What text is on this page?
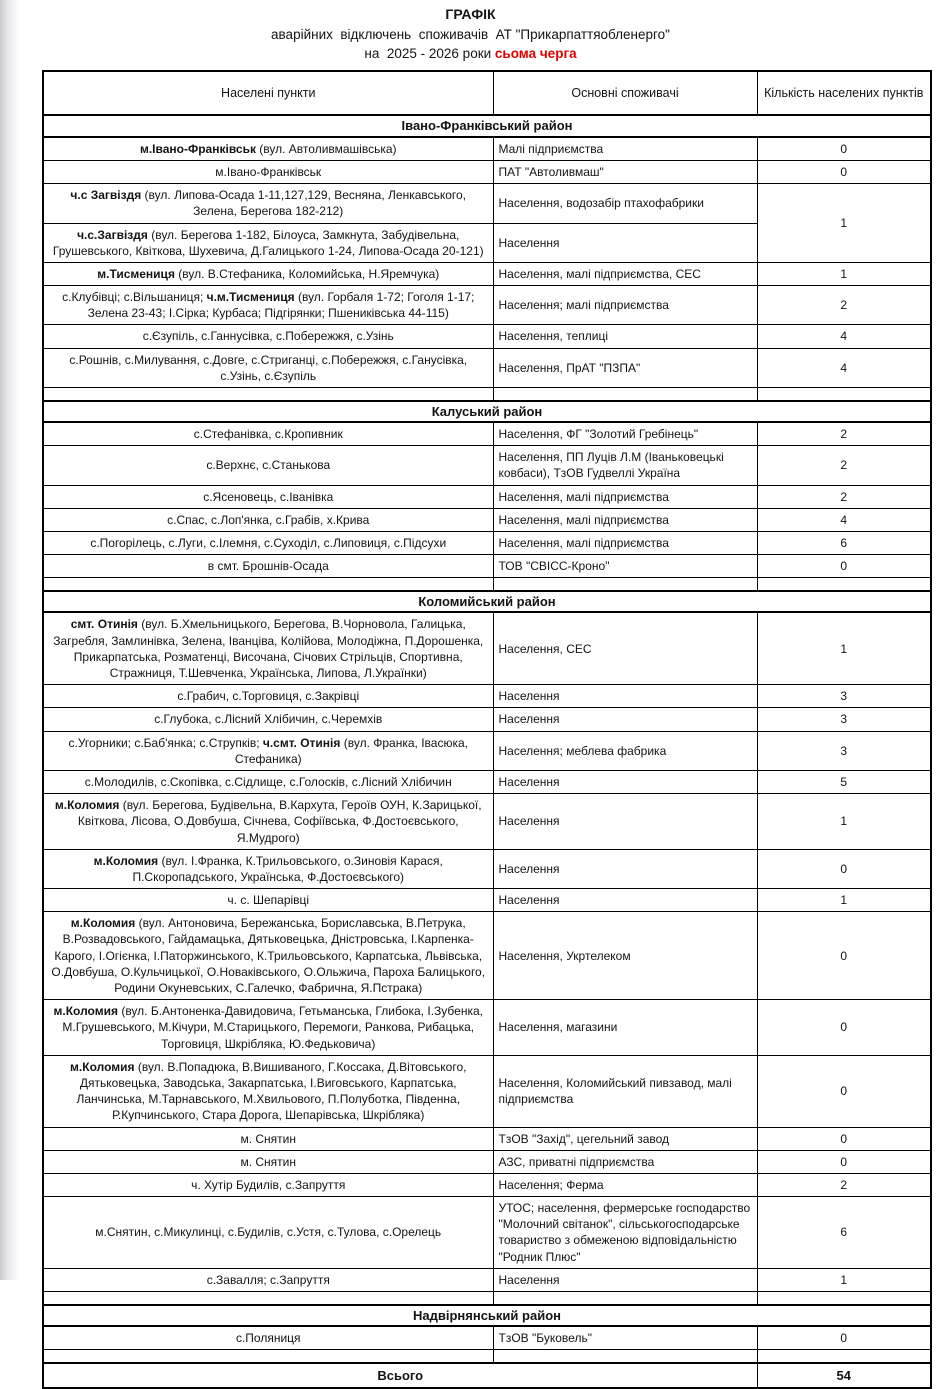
ГРАФІК
аварійних  відключень  споживачів  АТ "Прикарпаттяобленерго"
на  2025 - 2026 роки сьома черга
Населені пункти	Основні споживачі	Кількість населених пунктів
Івано-Франківський район		
м.Івано-Франківськ (вул. Автоливмашівська)	Малі підприємства	0
м.Івано-Франківськ	ПАТ "Автоливмаш"	0
ч.с Загвіздя (вул. Липова-Осада 1-11,127,129, Весняна, Ленкавського, Зелена, Берегова 182-212)	Населення, водозабір птахофабрики	1
ч.с.Загвіздя (вул. Берегова 1-182, Білоуса, Замкнута, Забудівельна, Грушевського, Квіткова, Шухевича, Д.Галицького 1-24, Липова-Осада 20-121)	Населення	
м.Тисмениця (вул. В.Стефаника, Коломийська, Н.Яремчука)	Населення, малі підприємства, СЕС	1
с.Клубівці; с.Вільшаниця; ч.м.Тисмениця (вул. Горбаля 1-72; Гоголя 1-17; Зелена 23-43; І.Сірка; Курбаса; Підгірянки; Пшениківська 44-115)	Населення; малі підприємства	2
с.Єзупіль, с.Ганнусівка, с.Побережжя, с.Узінь	Населення, теплиці	4
с.Рошнів, с.Милування, с.Довге, с.Стриганці, с.Побережжя, с.Ганусівка, с.Узінь, с.Єзупіль	Населення, ПрАТ "ПЗПА"	4

Калуський район		
с.Стефанівка, с.Кропивник	Населення, ФГ "Золотий Гребінець"	2
с.Верхнє, с.Станькова	Населення, ПП Луців Л.М (Іваньковецькі ковбаси), ТзОВ Гудвеллі Україна	2
с.Ясеновець, с.Іванівка	Населення, малі підприємства	2
с.Спас, с.Лоп'янка, с.Грабів, х.Крива	Населення, малі підприємства	4
с.Погорілець, с.Луги, с.Ілемня, с.Суходіл, с.Липовиця, с.Підсухи	Населення, малі підприємства	6
в смт. Брошнів-Осада	ТОВ "СВІСС-Кроно"	0

Коломийський район		
смт. Отинія (вул. Б.Хмельницького, Берегова, В.Чорновола, Галицька, Загребля, Замлинівка, Зелена, Іванціва, Колійова, Молодіжна, П.Дорошенка, Прикарпатська, Розматенці, Височана, Січових Стрільців, Спортивна, Стражниця, Т.Шевченка, Українська, Липова, Л.Українки)	Населення, СЕС	1
с.Грабич, с.Торговиця, с.Закрівці	Населення	3
с.Глубока, с.Лісний Хлібичин, с.Черемхів	Населення	3
с.Угорники; с.Баб'янка; с.Струпків; ч.смт. Отинія (вул. Франка, Івасюка, Стефаника)	Населення; меблева фабрика	3
с.Молодилів, с.Скопівка, с.Сідлище, с.Голосків, с.Лісний Хлібичин	Населення	5
м.Коломия (вул. Берегова, Будівельна, В.Кархута, Героїв ОУН, К.Зарицької, Квіткова, Лісова, О.Довбуша, Січнева, Софіївська, Ф.Достоєвського, Я.Мудрого)	Населення	1
м.Коломия (вул. І.Франка, К.Трильовського, о.Зиновія Карася, П.Скоропадського, Українська, Ф.Достоєвського)	Населення	0
ч. с. Шепарівці	Населення	1
м.Коломия (вул. Антоновича, Бережанська, Бориславська, В.Петрука, В.Розвадовського, Гайдамацька, Дятьковецька, Дністровська, І.Карпенка-Карого, І.Огієнка, І.Паторжинського, К.Трильовського, Карпатська, Львівська, О.Довбуша, О.Кульчицької, О.Новаківського, О.Ольжича, Пароха Балицького, Родини Окуневських, С.Галечко, Фабрична, Я.Пстрака)	Населення, Укртелеком	0
м.Коломия (вул. Б.Антоненка-Давидовича, Гетьманська, Глибока, І.Зубенка, М.Грушевського, М.Кічури, М.Старицького, Перемоги, Ранкова, Рибацька, Торговиця, Шкрібляка, Ю.Федьковича)	Населення, магазини	0
м.Коломия (вул. В.Попадюка, В.Вишиваного, Г.Коссака, Д.Вітовського, Дятьковецька, Заводська, Закарпатська, І.Виговського, Карпатська, Ланчинська, М.Тарнавського, М.Хвильового, П.Полуботка, Південна, Р.Купчинського, Стара Дорога, Шепарівська, Шкрібляка)	Населення, Коломийський пивзавод, малі підприємства	0
м. Снятин	ТзОВ "Захід", цегельний завод	0
м. Снятин	АЗС, приватні підприємства	0
ч. Хутір Будилів, с.Запруття	Населення; Ферма	2
м.Снятин, с.Микулинці, с.Будилів, с.Устя, с.Тулова, с.Орелець	УТОС; населення, фермерське господарство "Молочний світанок", сільськогосподарське товариство з обмеженою відповідальністю "Родник Плюс"	6
с.Завалля; с.Запруття	Населення	1

Надвірнянський район		
с.Поляниця	ТзОВ "Буковель"	0

Всього		54
